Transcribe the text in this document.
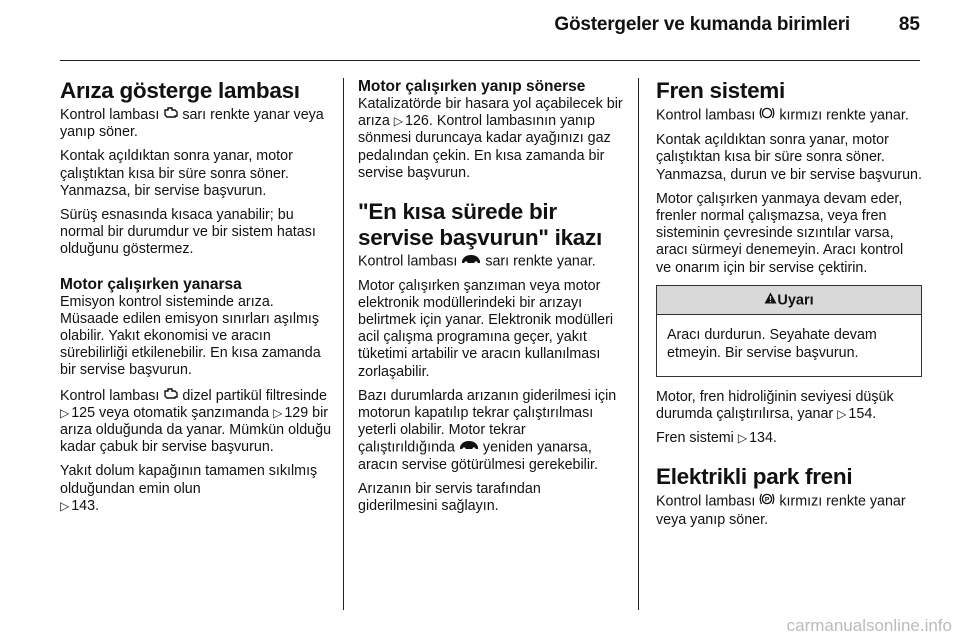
Göstergeler ve kumanda birimleri	85
Arıza gösterge lambası

Kontrol lambası sarı renkte yanar veya yanıp söner.

Kontak açıldıktan sonra yanar, motor çalıştıktan kısa bir süre sonra söner. Yanmazsa, bir servise başvurun.

Sürüş esnasında kısaca yanabilir; bu normal bir durumdur ve bir sistem hatası olduğunu göstermez.

Motor çalışırken yanarsa

Emisyon kontrol sisteminde arıza. Müsaade edilen emisyon sınırları aşılmış olabilir. Yakıt ekonomisi ve aracın sürebilirliği etkilenebilir. En kısa zamanda bir servise başvurun.

Kontrol lambası dizel partikül filtresinde ▷ 125 veya otomatik şanzımanda ▷ 129 bir arıza olduğunda da yanar. Mümkün olduğu kadar çabuk bir servise başvurun.

Yakıt dolum kapağının tamamen sıkılmış olduğundan emin olun
▷ 143.

Motor çalışırken yanıp sönerse

Katalizatörde bir hasara yol açabilecek bir arıza ▷ 126. Kontrol lambasının yanıp sönmesi duruncaya kadar ayağınızı gaz pedalından çekin. En kısa zamanda bir servise başvurun.

"En kısa sürede bir servise başvurun" ikazı

Kontrol lambası sarı renkte yanar.

Motor çalışırken şanzıman veya motor elektronik modüllerindeki bir arızayı belirtmek için yanar. Elektronik modülleri acil çalışma programına geçer, yakıt tüketimi artabilir ve aracın kullanılması zorlaşabilir.

Bazı durumlarda arızanın giderilmesi için motorun kapatılıp tekrar çalıştırılması yeterli olabilir. Motor tekrar çalıştırıldığında yeniden yanarsa, aracın servise götürülmesi gerekebilir.

Arızanın bir servis tarafından giderilmesini sağlayın.

Fren sistemi

Kontrol lambası kırmızı renkte yanar.

Kontak açıldıktan sonra yanar, motor çalıştıktan kısa bir süre sonra söner. Yanmazsa, durun ve bir servise başvurun.

Motor çalışırken yanmaya devam eder, frenler normal çalışmazsa, veya fren sisteminin çevresinde sızıntılar varsa, aracı sürmeyi denemeyin. Aracı kontrol ve onarım için bir servise çektirin.

Uyarı
Aracı durdurun. Seyahate devam etmeyin. Bir servise başvurun.

Motor, fren hidroliğinin seviyesi düşük durumda çalıştırılırsa, yanar ▷ 154.

Fren sistemi ▷ 134.

Elektrikli park freni

Kontrol lambası P kırmızı renkte yanar veya yanıp söner.

carmanualsonline.info
